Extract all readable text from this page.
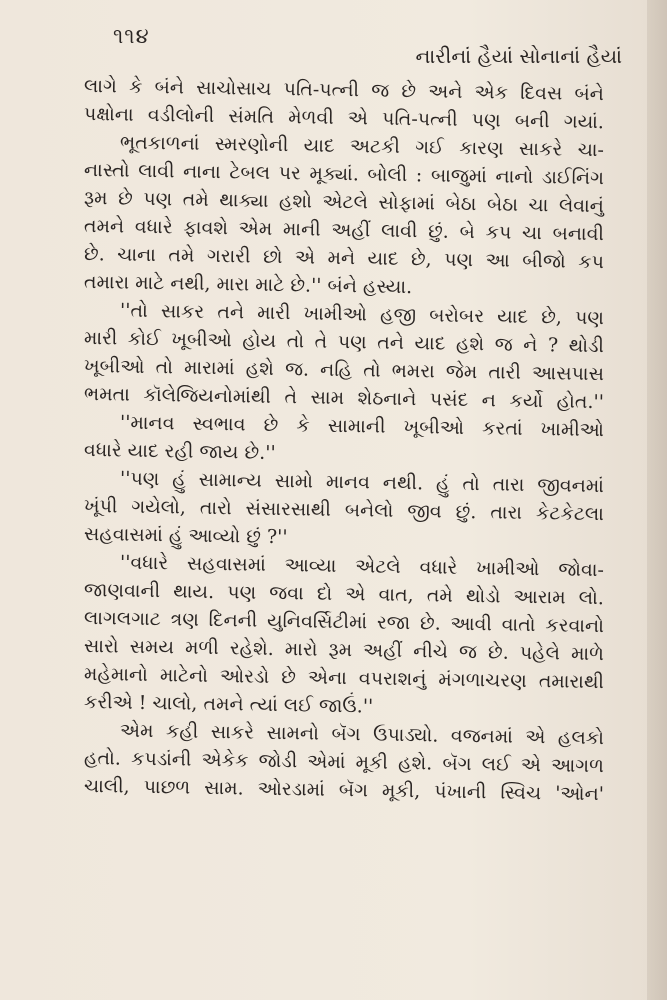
૧૧૪
નારીનાં હૈયાં સોનાનાં હૈયાં
લાગે કે બંને સાચોસાચ પતિ-પત્ની જ છે અને એક દિવસ બંને
પક્ષોના વડીલોની સંમતિ મેળવી એ પતિ-પત્ની પણ બની ગયાં.
ભૂતકાળનાં સ્મરણોની યાદ અટકી ગઈ કારણ સાકરે ચા-
નાસ્તો લાવી નાના ટેબલ પર મૂક્યાં. બોલી : બાજુમાં નાનો ડાઈનિંગ
રૂમ છે પણ તમે થાક્યા હશો એટલે સોફામાં બેઠા બેઠા ચા લેવાનું
તમને વધારે ફાવશે એમ માની અહીં લાવી છું. બે કપ ચા બનાવી
છે. ચાના તમે ગરારી છો એ મને યાદ છે, પણ આ બીજો કપ
તમારા માટે નથી, મારા માટે છે.'' બંને હસ્યા.
''તો સાકર તને મારી ખામીઓ હજી બરોબર યાદ છે, પણ
મારી કોઈ ખૂબીઓ હોય તો તે પણ તને યાદ હશે જ ને ? થોડી
ખૂબીઓ તો મારામાં હશે જ. નહિ તો ભમરા જેમ તારી આસપાસ
ભમતા કૉલેજિયનોમાંથી તે સામ શેઠનાને પસંદ ન કર્યો હોત.''
''માનવ સ્વભાવ છે કે સામાની ખૂબીઓ કરતાં ખામીઓ
વધારે યાદ રહી જાય છે.''
''પણ હું સામાન્ય સામો માનવ નથી. હું તો તારા જીવનમાં
ખૂંપી ગયેલો, તારો સંસારસાથી બનેલો જીવ છું. તારા કેટકેટલા
સહવાસમાં હું આવ્યો છું ?''
''વધારે સહવાસમાં આવ્યા એટલે વધારે ખામીઓ જોવા-
જાણવાની થાય. પણ જવા દો એ વાત, તમે થોડો આરામ લો.
લાગલગાટ ત્રણ દિનની યુનિવર્સિટીમાં રજા છે. આવી વાતો કરવાનો
સારો સમય મળી રહેશે. મારો રૂમ અહીં નીચે જ છે. પહેલે માળે
મહેમાનો માટેનો ઓરડો છે એના વપરાશનું મંગળાચરણ તમારાથી
કરીએ ! ચાલો, તમને ત્યાં લઈ જાઉં.''
એમ કહી સાકરે સામનો બૅગ ઉપાડ્યો. વજનમાં એ હલકો
હતો. કપડાંની એકેક જોડી એમાં મૂકી હશે. બૅગ લઈ એ આગળ
ચાલી, પાછળ સામ. ઓરડામાં બૅગ મૂકી, પંખાની સ્વિચ 'ઓન'
